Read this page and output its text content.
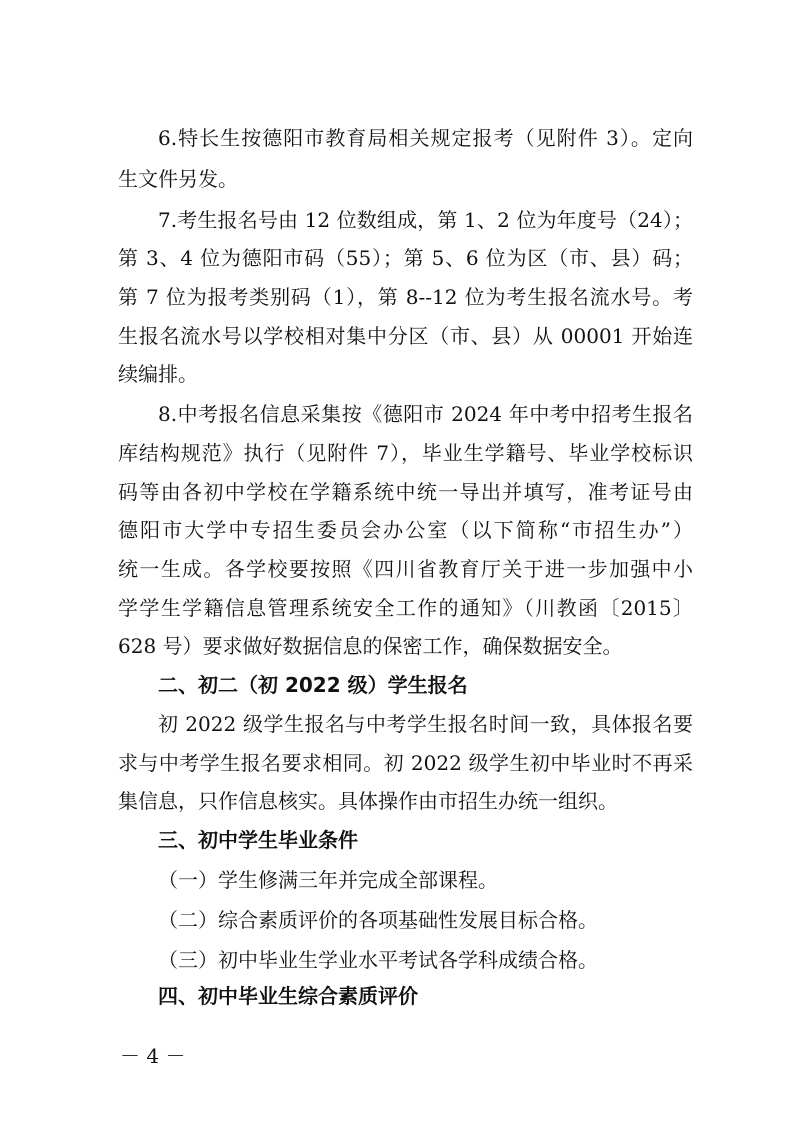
6.特长生按德阳市教育局相关规定报考（见附件 3）。定向
生文件另发。
7.考生报名号由 12 位数组成，第 1、2 位为年度号（24）；
第 3、4 位为德阳市码（55）；第 5、6 位为区（市、县）码；
第 7 位为报考类别码（1），第 8--12 位为考生报名流水号。考
生报名流水号以学校相对集中分区（市、县）从 00001 开始连
续编排。
8.中考报名信息采集按《德阳市 2024 年中考中招考生报名
库结构规范》执行（见附件 7），毕业生学籍号、毕业学校标识
码等由各初中学校在学籍系统中统一导出并填写，准考证号由
德阳市大学中专招生委员会办公室（以下简称“市招生办”）
统一生成。各学校要按照《四川省教育厅关于进一步加强中小
学学生学籍信息管理系统安全工作的通知》（川教函〔2015〕
628 号）要求做好数据信息的保密工作，确保数据安全。
二、初二（初 2022 级）学生报名
初 2022 级学生报名与中考学生报名时间一致，具体报名要
求与中考学生报名要求相同。初 2022 级学生初中毕业时不再采
集信息，只作信息核实。具体操作由市招生办统一组织。
三、初中学生毕业条件
（一）学生修满三年并完成全部课程。
（二）综合素质评价的各项基础性发展目标合格。
（三）初中毕业生学业水平考试各学科成绩合格。
四、初中毕业生综合素质评价
－ 4 －
